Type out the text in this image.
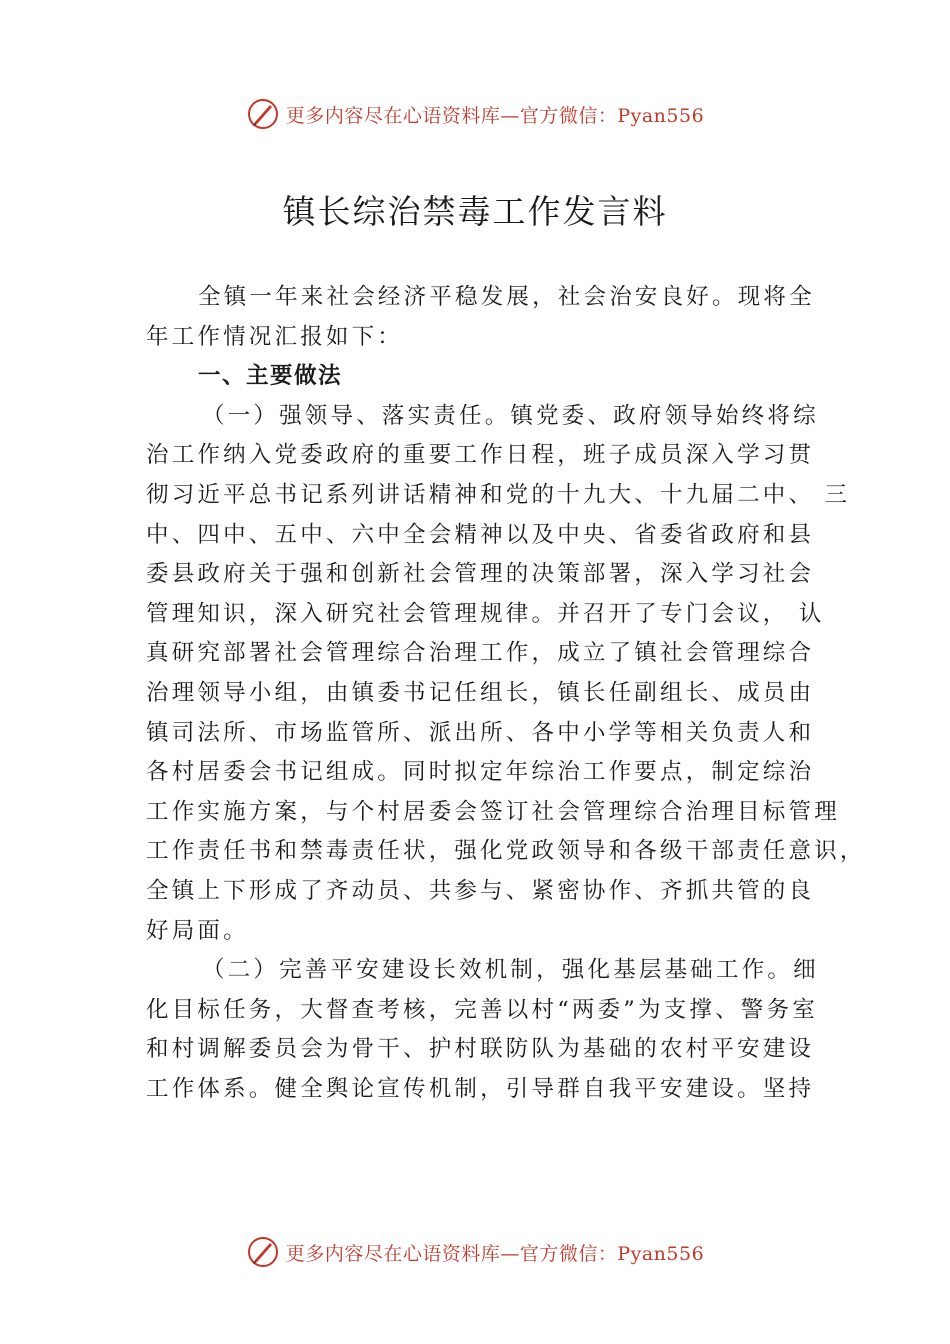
更多内容尽在心语资料库—官方微信：Pyan556
镇长综治禁毒工作发言料
全镇一年来社会经济平稳发展，社会治安良好。现将全
年工作情况汇报如下：
一、主要做法
（一）强领导、落实责任。镇党委、政府领导始终将综
治工作纳入党委政府的重要工作日程，班子成员深入学习贯
彻习近平总书记系列讲话精神和党的十九大、十九届二中、 三
中、四中、五中、六中全会精神以及中央、省委省政府和县
委县政府关于强和创新社会管理的决策部署，深入学习社会
管理知识，深入研究社会管理规律。并召开了专门会议， 认
真研究部署社会管理综合治理工作，成立了镇社会管理综合
治理领导小组，由镇委书记任组长，镇长任副组长、成员由
镇司法所、市场监管所、派出所、各中小学等相关负责人和
各村居委会书记组成。同时拟定年综治工作要点，制定综治
工作实施方案，与个村居委会签订社会管理综合治理目标管理
工作责任书和禁毒责任状，强化党政领导和各级干部责任意识，
全镇上下形成了齐动员、共参与、紧密协作、齐抓共管的良
好局面。
（二）完善平安建设长效机制，强化基层基础工作。细
化目标任务，大督查考核，完善以村“两委”为支撑、警务室
和村调解委员会为骨干、护村联防队为基础的农村平安建设
工作体系。健全舆论宣传机制，引导群自我平安建设。坚持
更多内容尽在心语资料库—官方微信：Pyan556
